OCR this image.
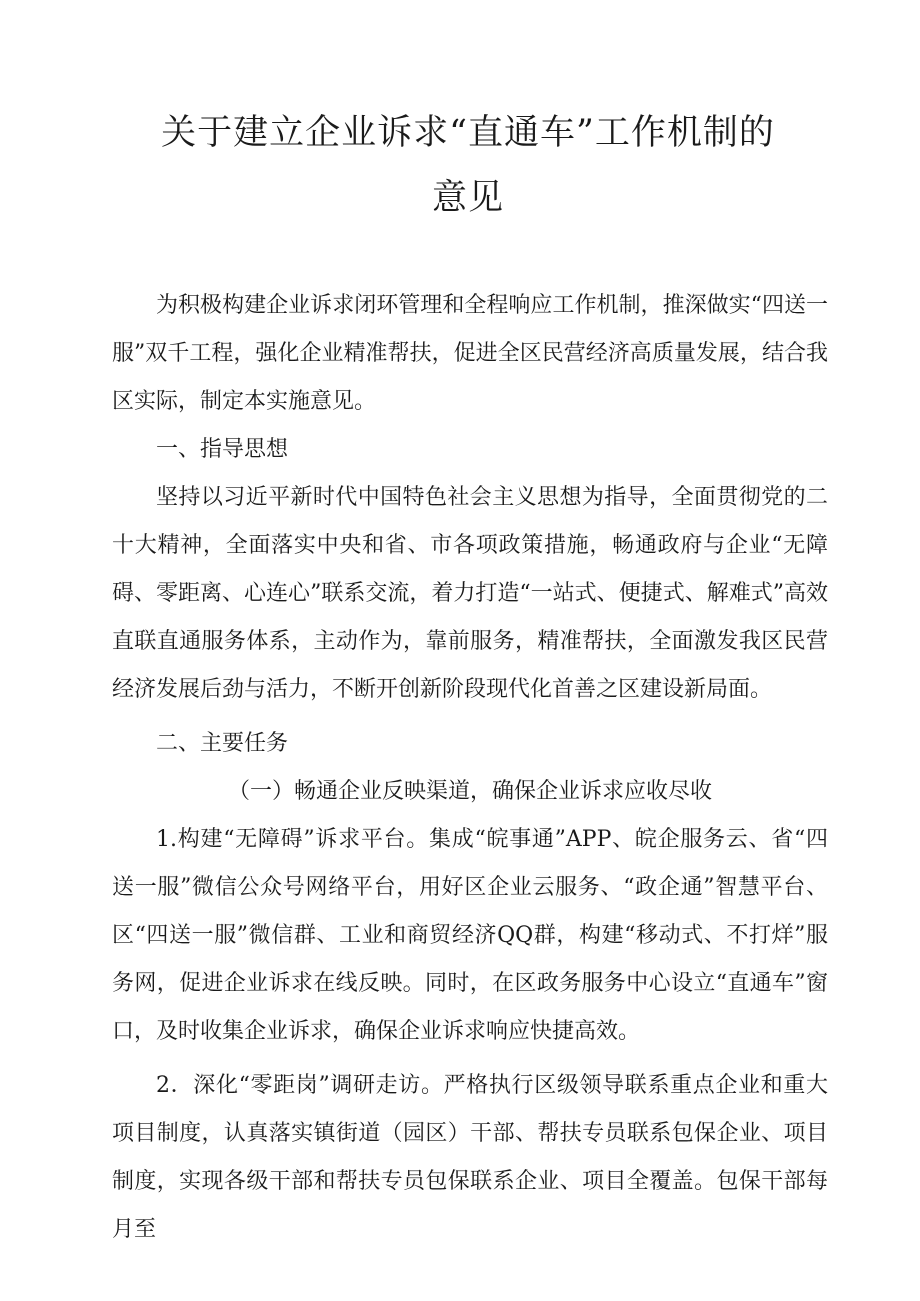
关于建立企业诉求“直通车”工作机制的
意见

为积极构建企业诉求闭环管理和全程响应工作机制，推深做实“四送一服”双千工程，强化企业精准帮扶，促进全区民营经济高质量发展，结合我区实际，制定本实施意见。

一、指导思想

坚持以习近平新时代中国特色社会主义思想为指导，全面贯彻党的二十大精神，全面落实中央和省、市各项政策措施，畅通政府与企业“无障碍、零距离、心连心”联系交流，着力打造“一站式、便捷式、解难式”高效直联直通服务体系，主动作为，靠前服务，精准帮扶，全面激发我区民营经济发展后劲与活力，不断开创新阶段现代化首善之区建设新局面。

二、主要任务

（一）畅通企业反映渠道，确保企业诉求应收尽收

1.构建“无障碍”诉求平台。集成“皖事通”APP、皖企服务云、省“四送一服”微信公众号网络平台，用好区企业云服务、“政企通”智慧平台、区“四送一服”微信群、工业和商贸经济QQ群，构建“移动式、不打烊”服务网，促进企业诉求在线反映。同时，在区政务服务中心设立“直通车”窗口，及时收集企业诉求，确保企业诉求响应快捷高效。

2．深化“零距岗”调研走访。严格执行区级领导联系重点企业和重大项目制度，认真落实镇街道（园区）干部、帮扶专员联系包保企业、项目制度，实现各级干部和帮扶专员包保联系企业、项目全覆盖。包保干部每月至
